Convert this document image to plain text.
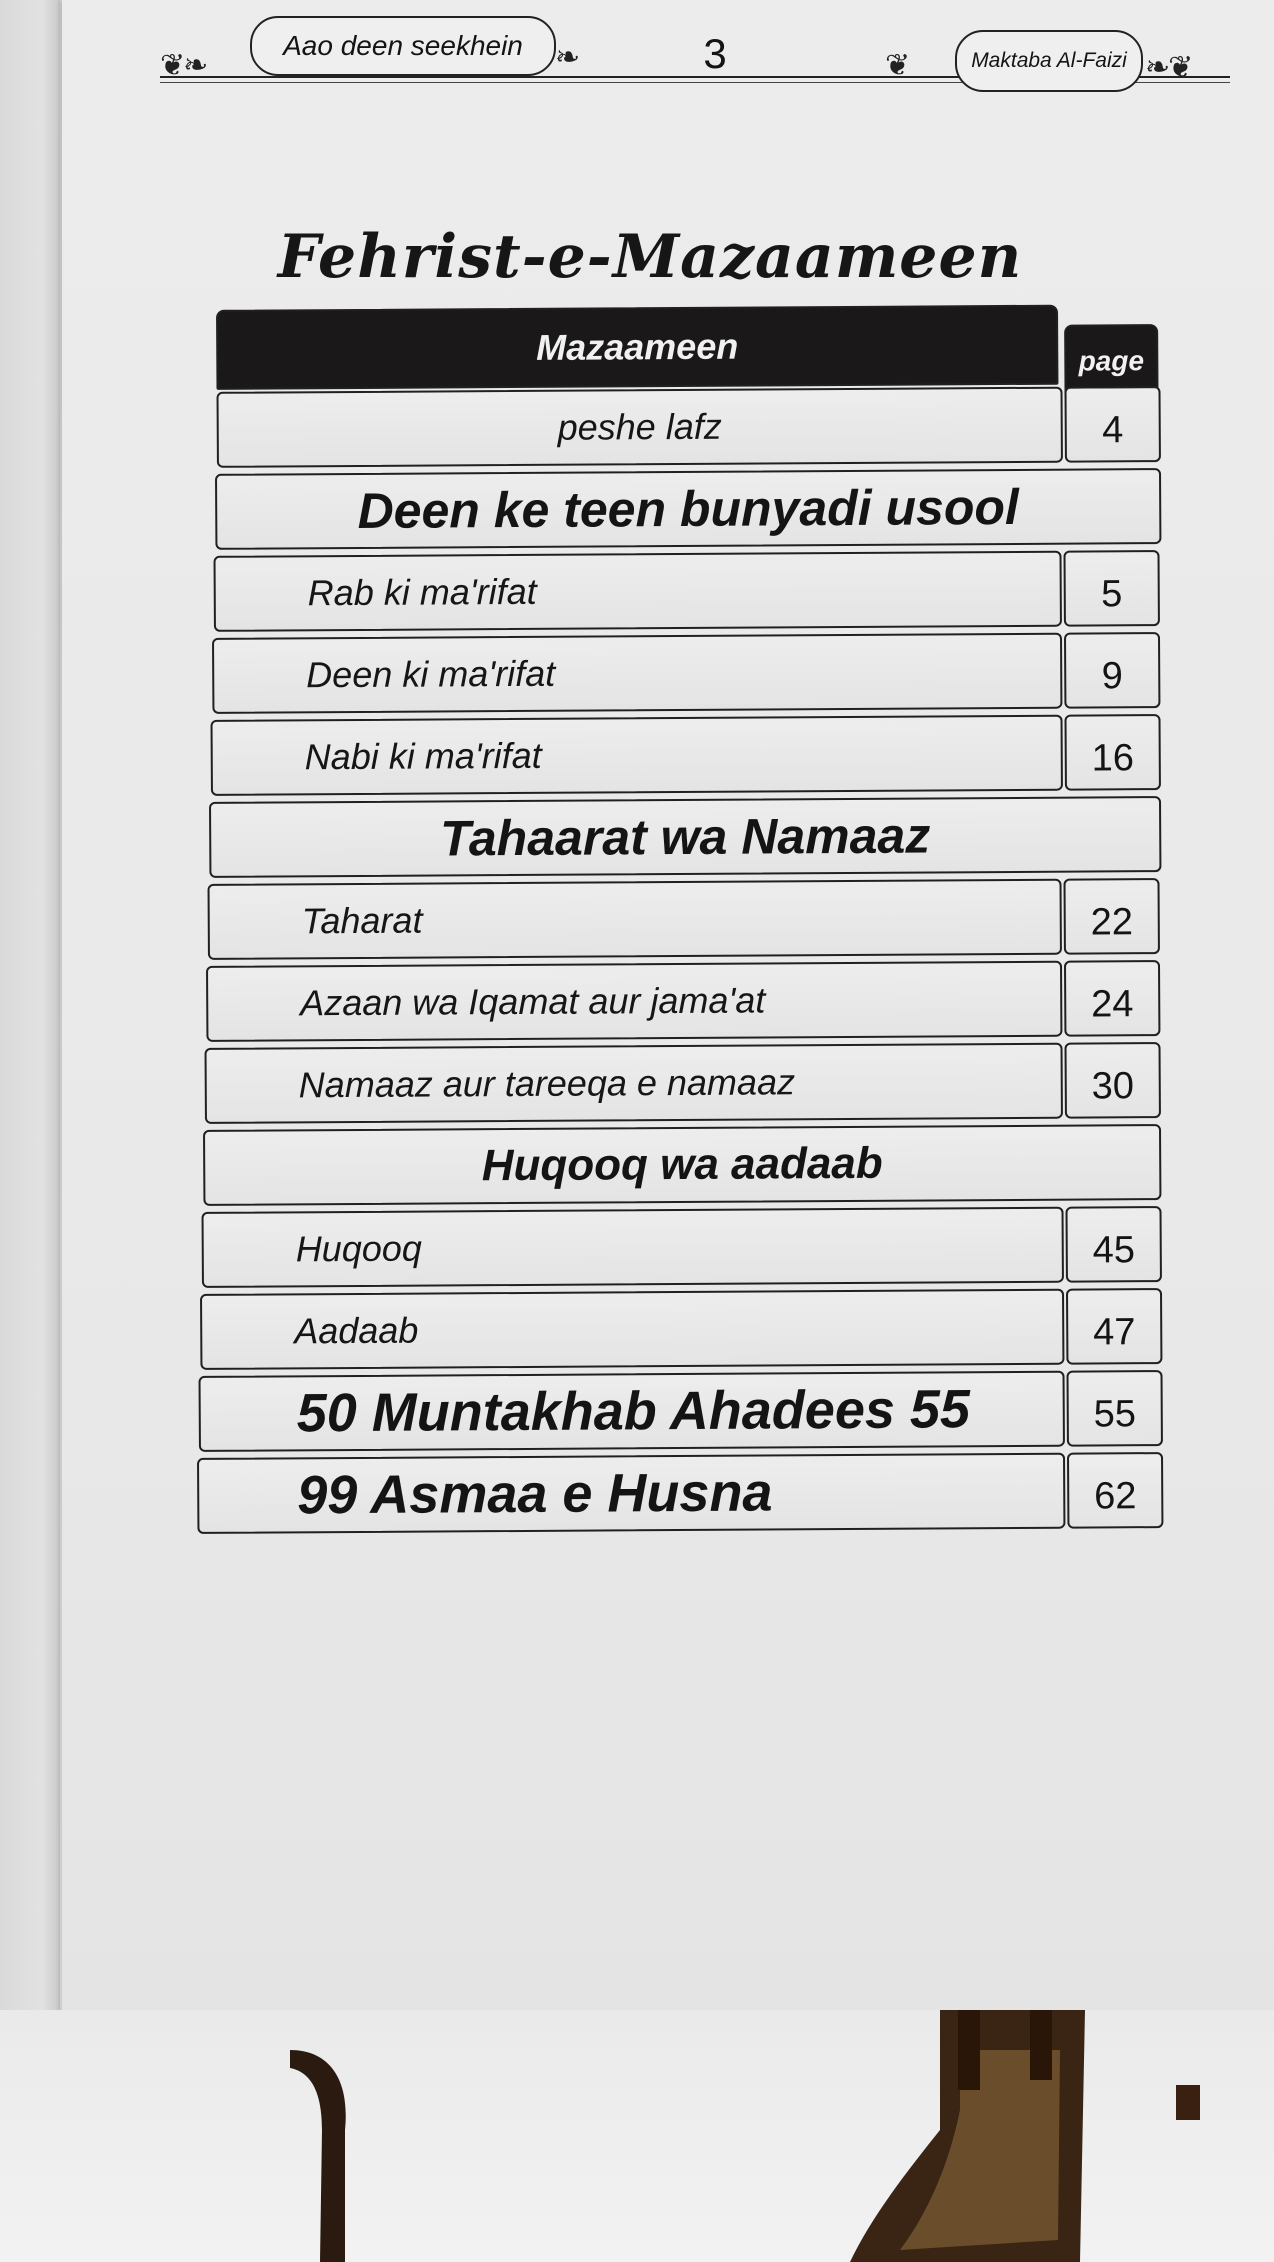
❦❧	❧	❦	❧❦
Aao deen seekhein	3	Maktaba Al-Faizi
Fehrist-e-Mazaameen
Mazaameen	page
peshe lafz	4
Deen ke teen bunyadi usool
Rab ki ma'rifat	5
Deen ki ma'rifat	9
Nabi ki ma'rifat	16
Tahaarat wa Namaaz
Taharat	22
Azaan wa Iqamat aur jama'at	24
Namaaz aur tareeqa e namaaz	30
Huqooq wa aadaab
Huqooq	45
Aadaab	47
50 Muntakhab Ahadees 55	55
99 Asmaa e Husna	62
